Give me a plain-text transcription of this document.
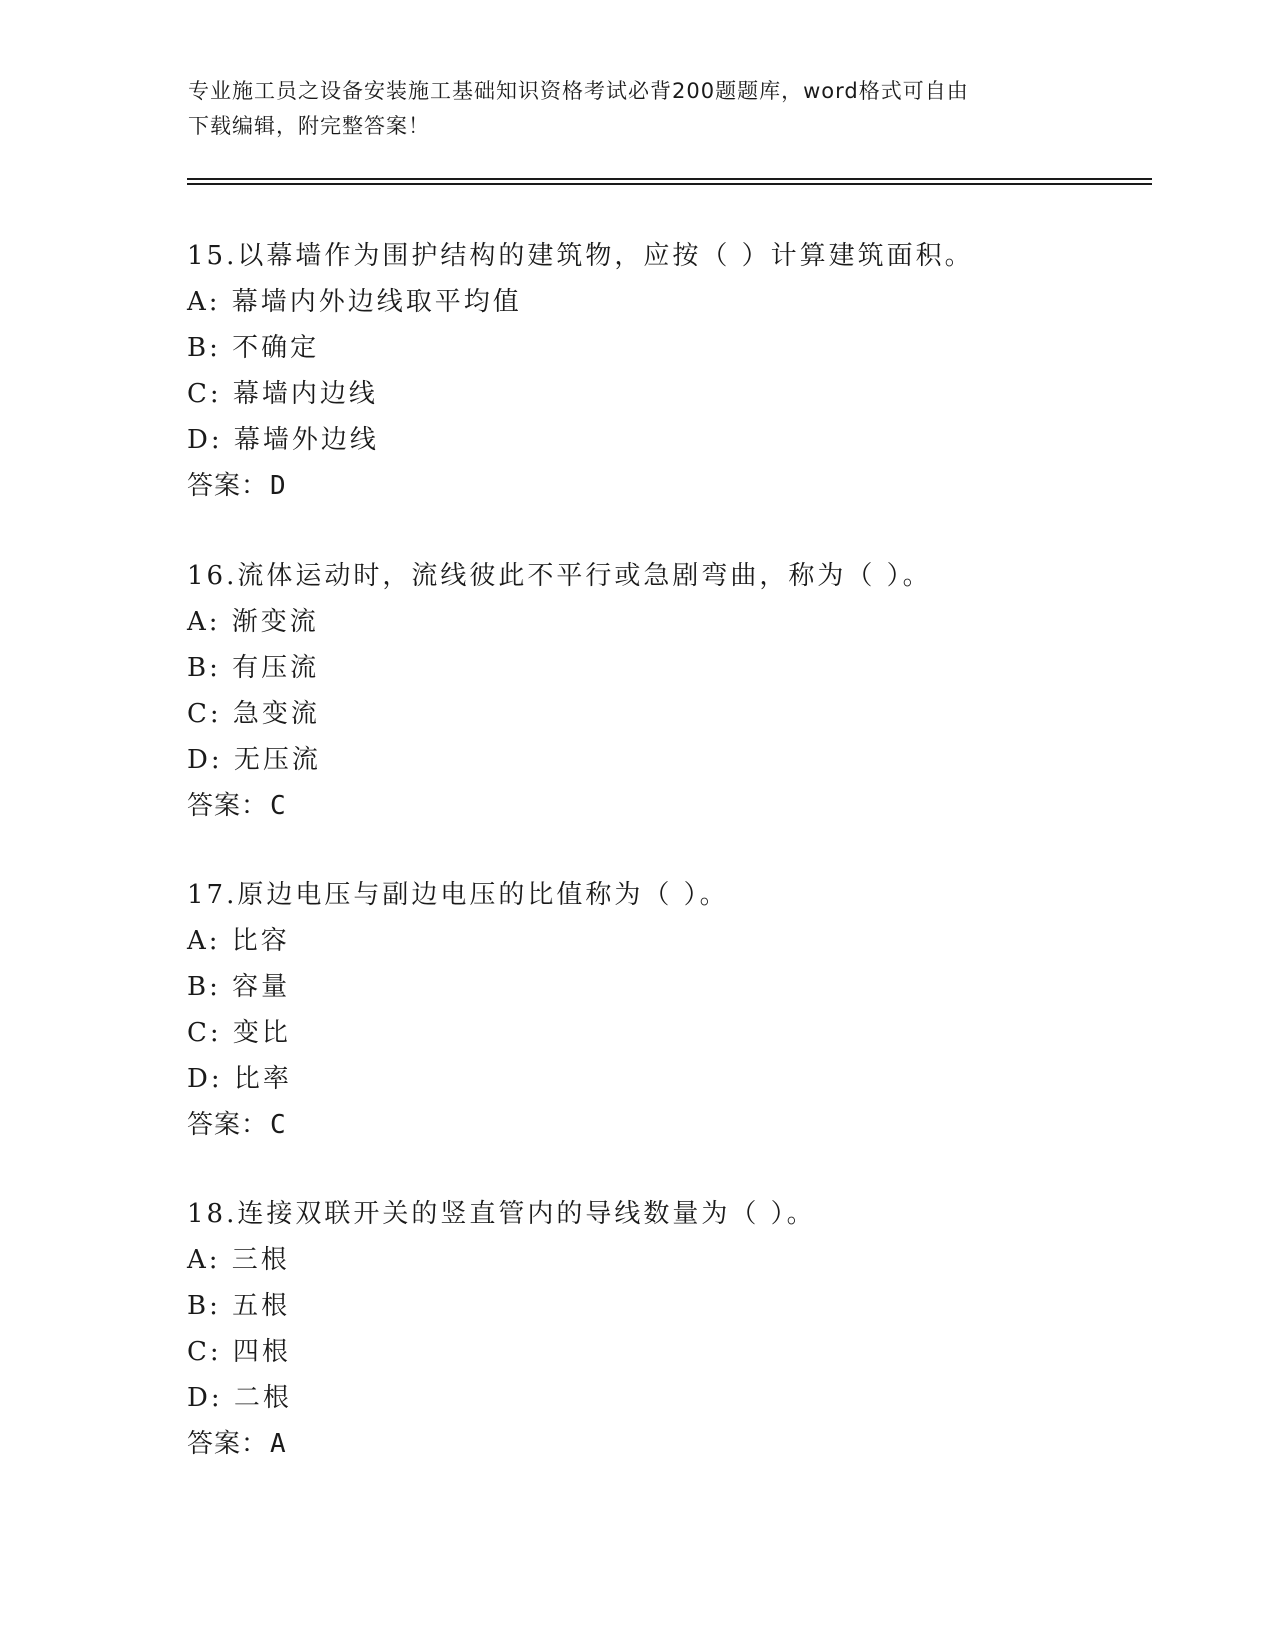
专业施工员之设备安装施工基础知识资格考试必背200题题库，word格式可自由
下载编辑，附完整答案！
15.以幕墙作为围护结构的建筑物，应按（ ）计算建筑面积。
A: 幕墙内外边线取平均值
B: 不确定
C: 幕墙内边线
D: 幕墙外边线
答案：D
16.流体运动时，流线彼此不平行或急剧弯曲，称为（ ）。
A: 渐变流
B: 有压流
C: 急变流
D: 无压流
答案：C
17.原边电压与副边电压的比值称为（ ）。
A: 比容
B: 容量
C: 变比
D: 比率
答案：C
18.连接双联开关的竖直管内的导线数量为（ ）。
A: 三根
B: 五根
C: 四根
D: 二根
答案：A
